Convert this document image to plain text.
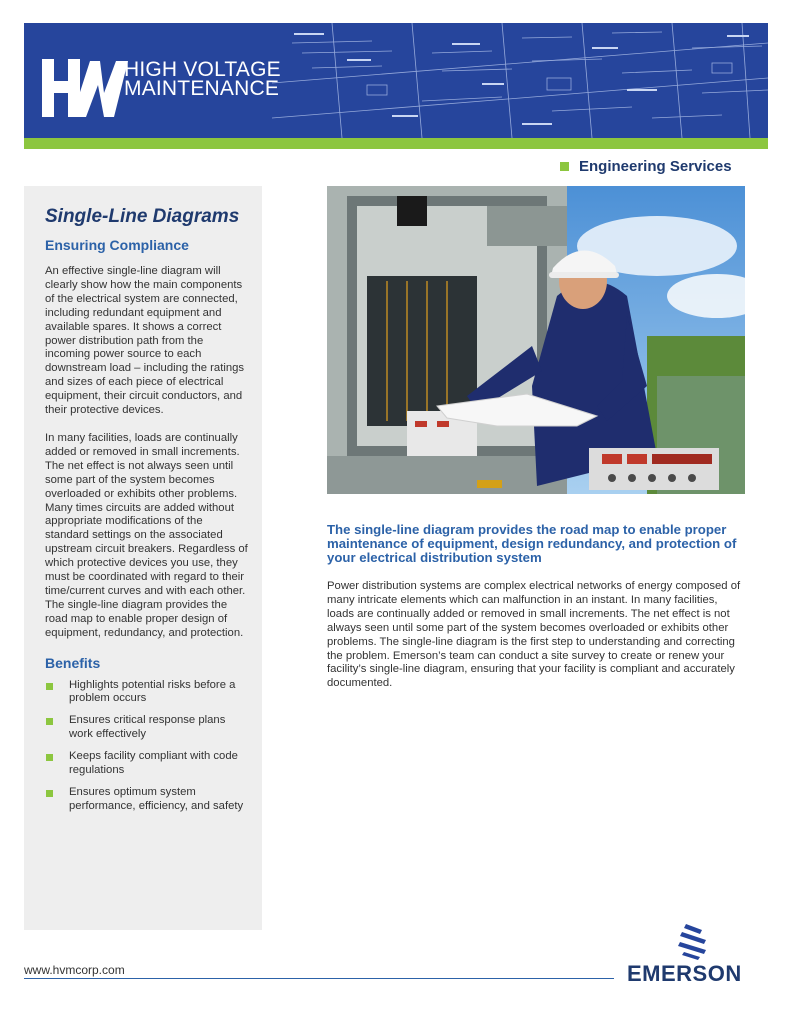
HIGH VOLTAGE
MAINTENANCE
Engineering Services
Single-Line Diagrams
Ensuring Compliance

An effective single-line diagram will clearly show how the main components of the electrical system are connected, including redundant equipment and available spares. It shows a correct power distribution path from the incoming power source to each downstream load – including the ratings and sizes of each piece of electrical equipment, their circuit conductors, and their protective devices.

In many facilities, loads are continually added or removed in small increments. The net effect is not always seen until some part of the system becomes overloaded or exhibits other problems. Many times circuits are added without appropriate modifications of the standard settings on the associated upstream circuit breakers. Regardless of which protective devices you use, they must be coordinated with regard to their time/current curves and with each other. The single-line diagram provides the road map to enable proper design of equipment, redundancy, and protection.

Benefits
Highlights potential risks before a problem occurs
Ensures critical response plans work effectively
Keeps facility compliant with code regulations
Ensures optimum system performance, efficiency, and safety
The single-line diagram provides the road map to enable proper maintenance of equipment, design redundancy, and protection of your electrical distribution system
Power distribution systems are complex electrical networks of energy composed of many intricate elements which can malfunction in an instant. In many facilities, loads are continually added or removed in small increments. The net effect is not always seen until some part of the system becomes overloaded or exhibits other problems. The single-line diagram is the first step to understanding and correcting the problem. Emerson’s team can conduct a site survey to create or renew your facility’s single-line diagram, ensuring that your facility is compliant and accurately documented.
www.hvmcorp.com	EMERSON
